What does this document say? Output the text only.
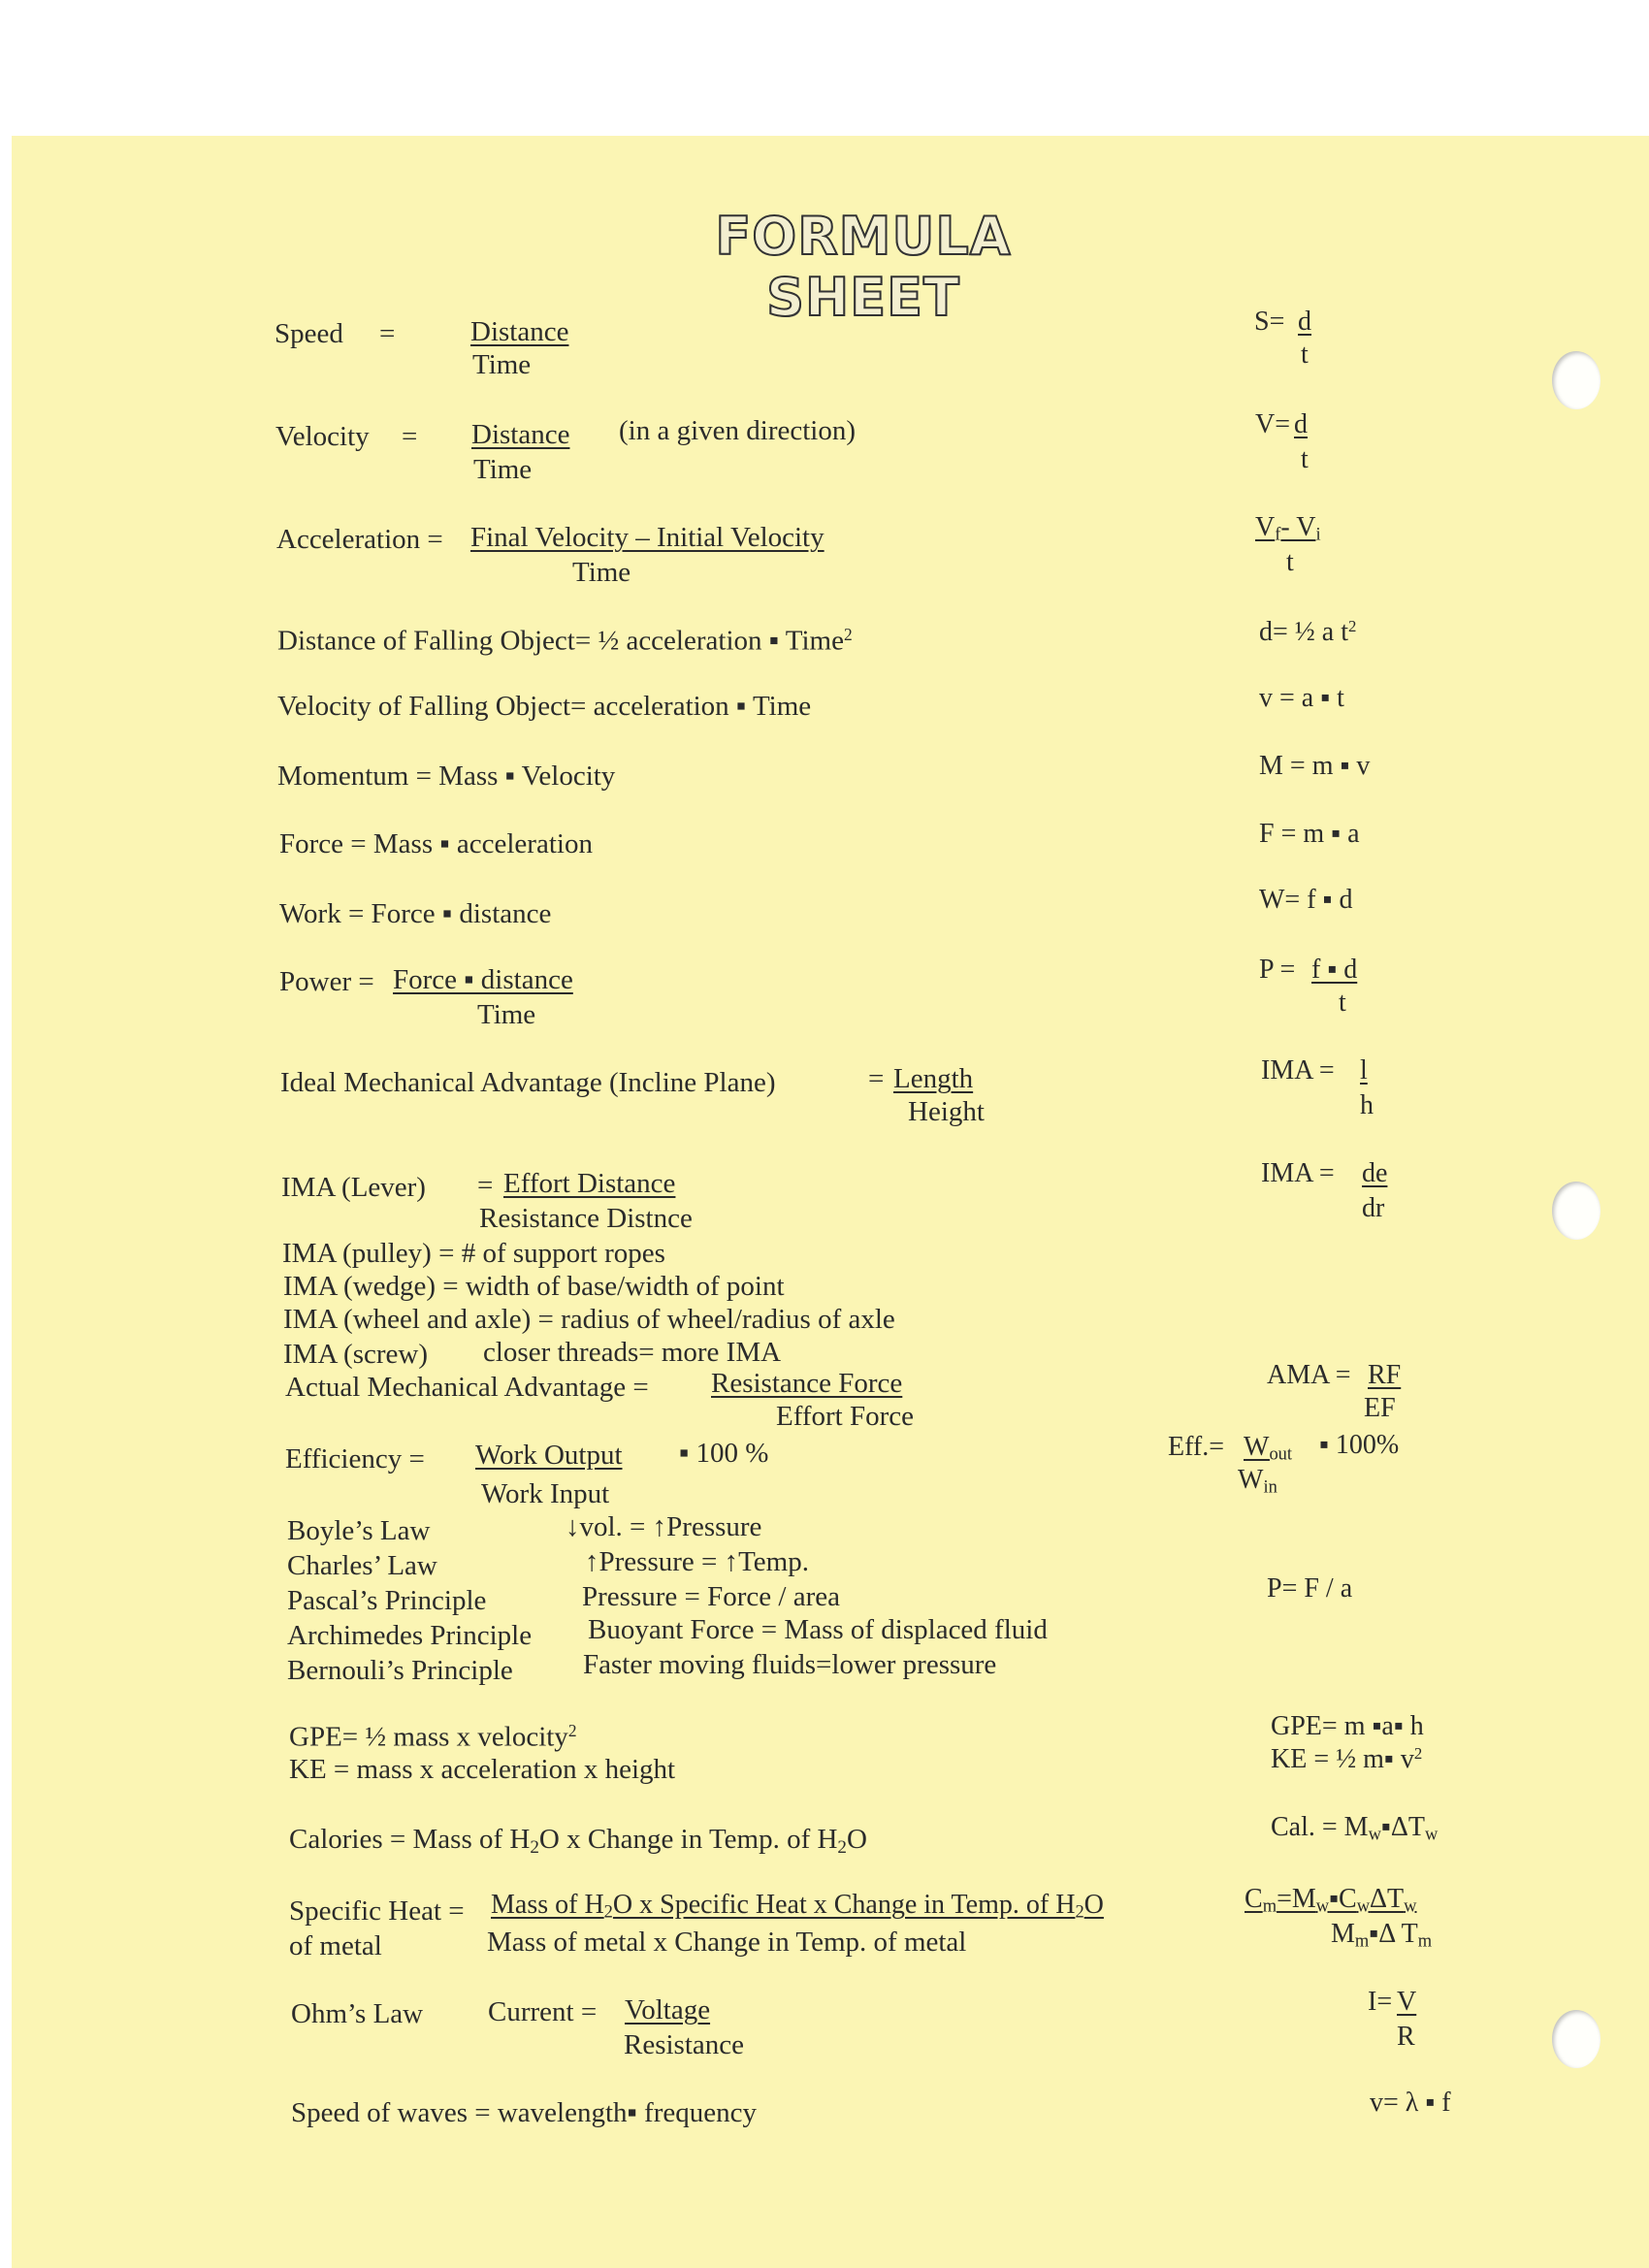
FORMULA SHEET
Speed =	Distance
Time
S= d
t
Velocity = Distance (in a given direction)
Time
V= d
t
Acceleration = Final Velocity – Initial Velocity
Time
$V_f-$ $V_i$
t
Distance of Falling Object= ½ acceleration ▪ Time$^2$	d= ½ a $t^2$
Velocity of Falling Object= acceleration ▪ Time	v = a ▪ t
Momentum = Mass ▪ Velocity	M = m ▪ v
Force = Mass ▪ acceleration	F = m ▪ a
Work = Force ▪ distance	W= f ▪ d
Power = Force ▪ distance
Time
P = f ▪ d
t
Ideal Mechanical Advantage (Incline Plane)	= Length
Height
IMA = l
h
IMA (Lever) = Effort Distance
Resistance Distnce
IMA = de
dr
IMA (pulley) = # of support ropes
IMA (wedge) = width of base/width of point
IMA (wheel and axle) = radius of wheel/radius of axle
IMA (screw) closer threads= more IMA
Actual Mechanical Advantage = Resistance Force
Effort Force
AMA = RF
EF
Efficiency = Work Output ▪ 100 %
Work Input
$Eff.= W_{out}$ ▪ 100%
$W_{in}$
Boyle’s Law	↓vol. = ↑Pressure
Charles’ Law	↑Pressure = ↑Temp.
Pascal’s Principle	Pressure = Force / area	P= F / a
Archimedes Principle Buoyant Force = Mass of displaced fluid
Bernouli’s Principle Faster moving fluids=lower pressure
GPE= ½ mass x velocity$^2$	GPE= m ▪a▪ h
KE = mass x acceleration x height	KE = ½ m▪ $v^2$
Calories = Mass of $H_2O$ x Change in Temp. of $H_2O$	Cal. = $M_w▪\Delta T_w$
Specific Heat =
of metal
Mass of $H_2O$ x Specific Heat x Change in Temp. of $H_2O$
Mass of metal x Change in Temp. of metal
$C_m=M_w▪C_w\Delta T_w$
$M_m▪\Delta$ $T_m$
Ohm’s Law Current = Voltage
Resistance
I= V
R
Speed of waves = wavelength▪ frequency	v= λ ▪ f
